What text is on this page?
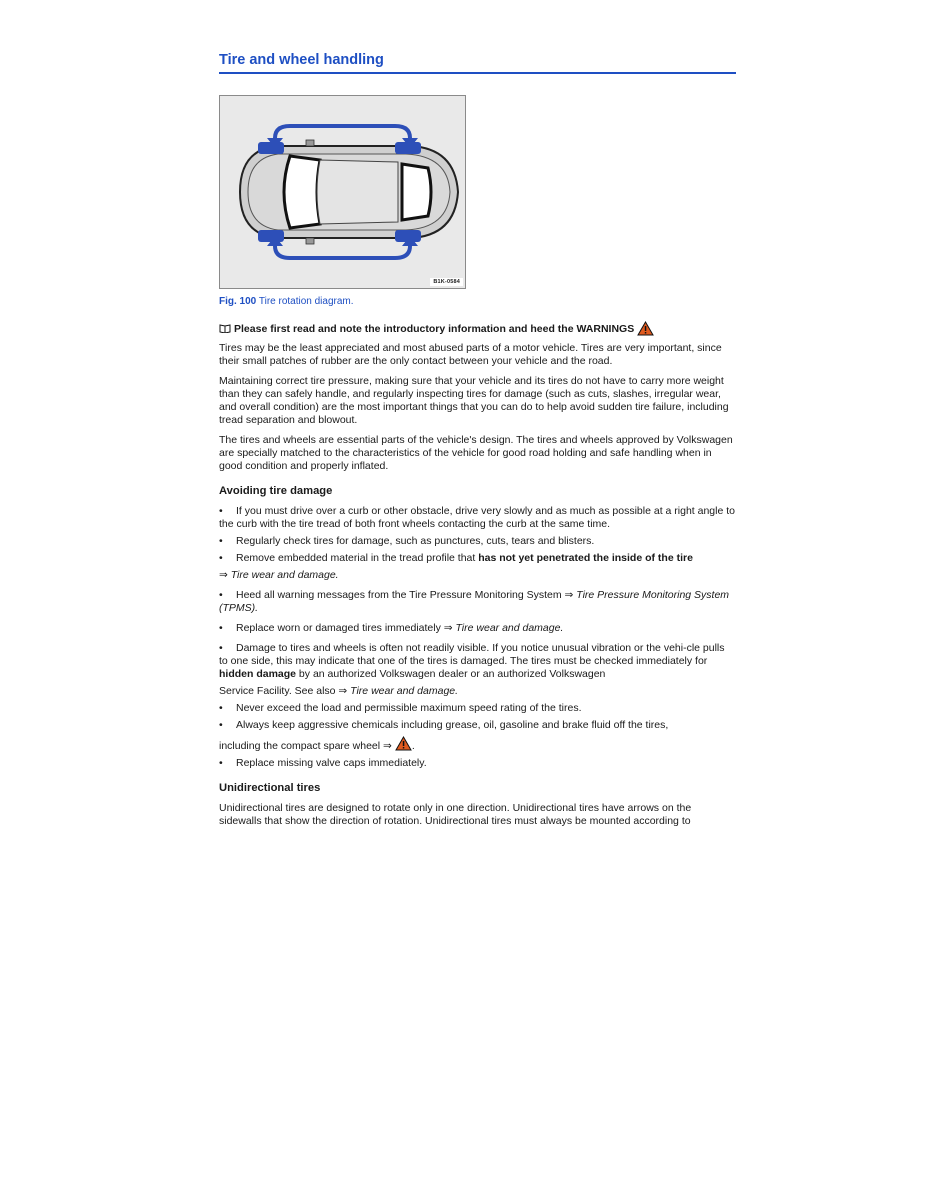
Tire and wheel handling
B1K-0584
Fig. 100 Tire rotation diagram.
Please first read and note the introductory information and heed the WARNINGS

Tires may be the least appreciated and most abused parts of a motor vehicle. Tires are very important, since their small patches of rubber are the only contact between your vehicle and the road.

Maintaining correct tire pressure, making sure that your vehicle and its tires do not have to carry more weight than they can safely handle, and regularly inspecting tires for damage (such as cuts, slashes, irregular wear, and overall condition) are the most important things that you can do to help avoid sudden tire failure, including tread separation and blowout.

The tires and wheels are essential parts of the vehicle's design. The tires and wheels approved by Volkswagen are specially matched to the characteristics of the vehicle for good road holding and safe handling when in good condition and properly inflated.

Avoiding tire damage
• If you must drive over a curb or other obstacle, drive very slowly and as much as possible at a right angle to the curb with the tire tread of both front wheels contacting the curb at the same time.
• Regularly check tires for damage, such as punctures, cuts, tears and blisters.
• Remove embedded material in the tread profile that has not yet penetrated the inside of the tire
⇒ Tire wear and damage.
• Heed all warning messages from the Tire Pressure Monitoring System ⇒ Tire Pressure Monitoring System (TPMS).
• Replace worn or damaged tires immediately ⇒ Tire wear and damage.
• Damage to tires and wheels is often not readily visible. If you notice unusual vibration or the vehi-cle pulls to one side, this may indicate that one of the tires is damaged. The tires must be checked immediately for hidden damage by an authorized Volkswagen dealer or an authorized Volkswagen
Service Facility. See also ⇒ Tire wear and damage.
• Never exceed the load and permissible maximum speed rating of the tires.
• Always keep aggressive chemicals including grease, oil, gasoline and brake fluid off the tires,
including the compact spare wheel ⇒ .
• Replace missing valve caps immediately.
Unidirectional tires

Unidirectional tires are designed to rotate only in one direction. Unidirectional tires have arrows on the sidewalls that show the direction of rotation. Unidirectional tires must always be mounted according to
